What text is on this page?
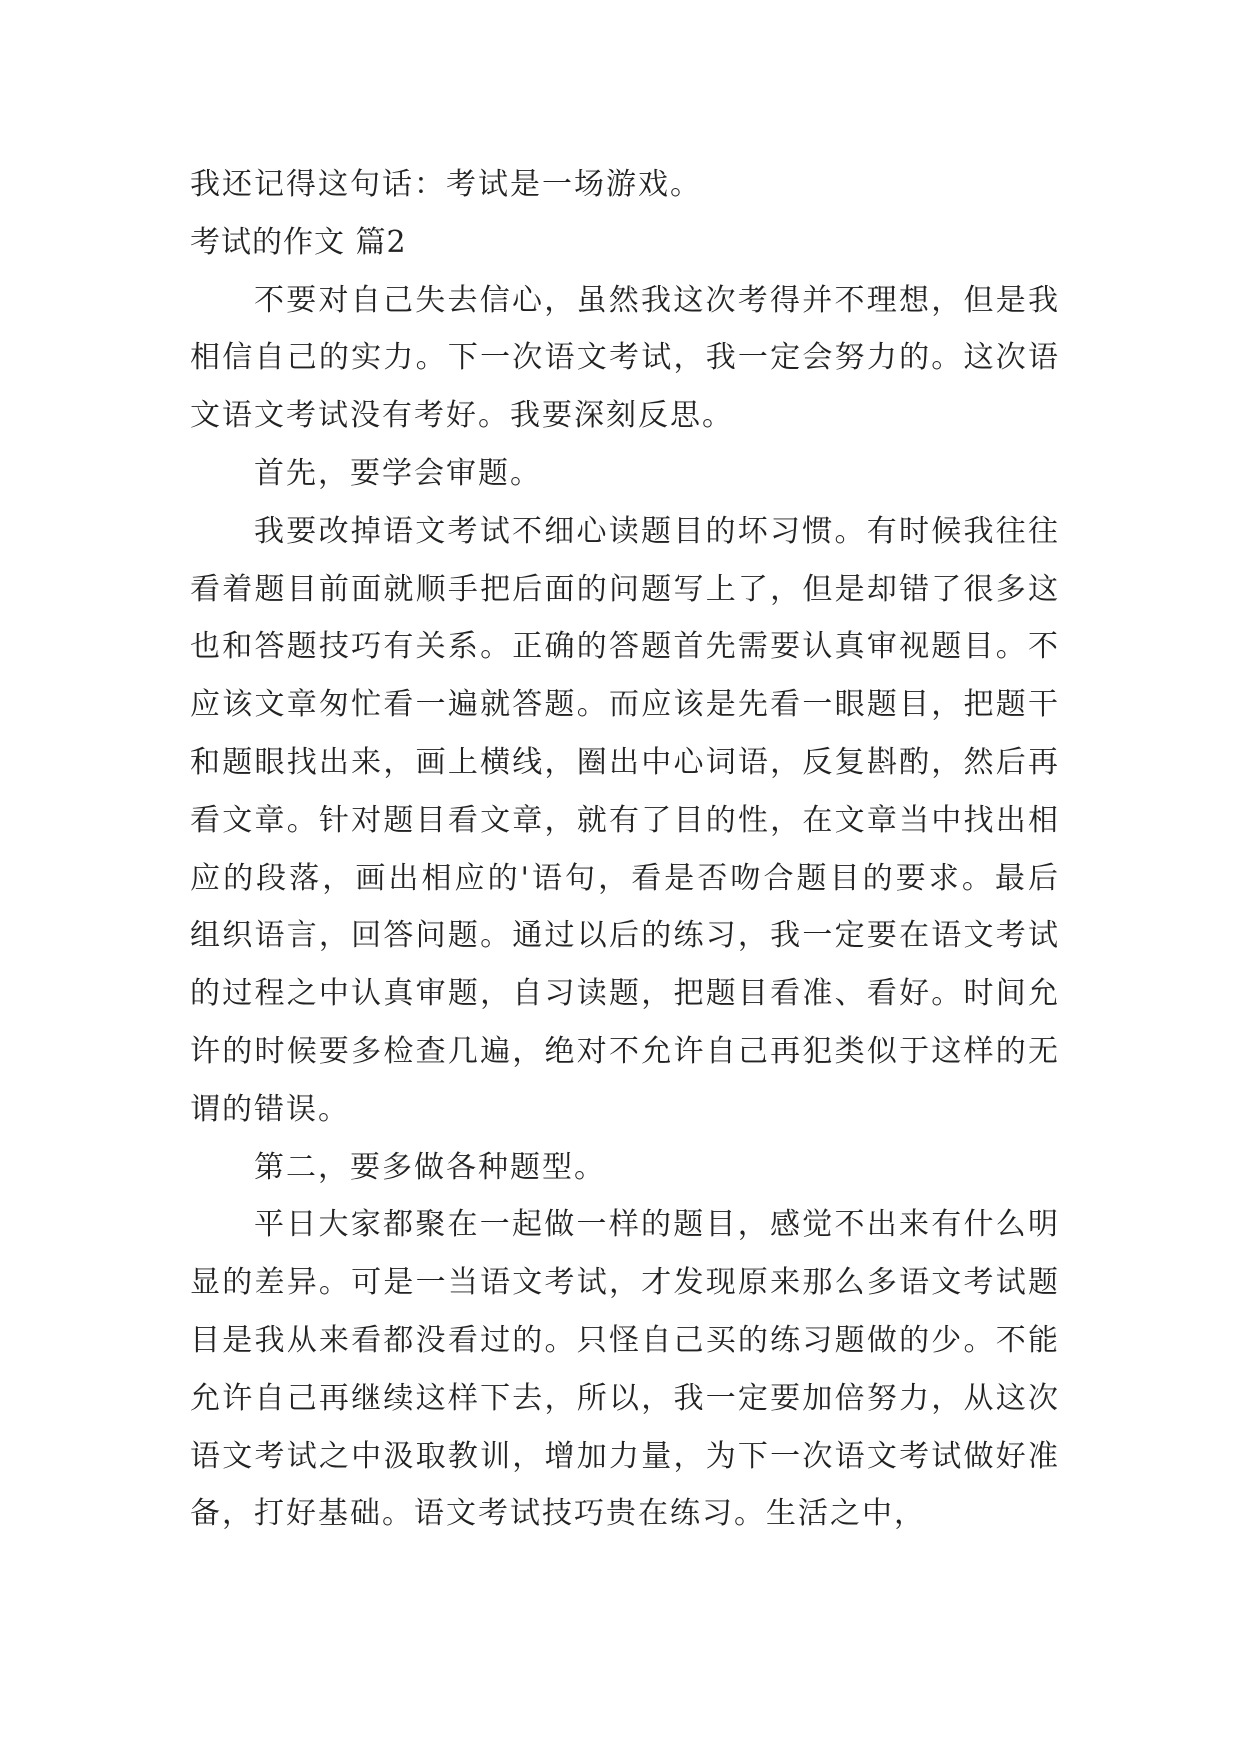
我还记得这句话：考试是一场游戏。

考试的作文 篇2

不要对自己失去信心，虽然我这次考得并不理想，但是我相信自己的实力。下一次语文考试，我一定会努力的。这次语文语文考试没有考好。我要深刻反思。

首先，要学会审题。

我要改掉语文考试不细心读题目的坏习惯。有时候我往往看着题目前面就顺手把后面的问题写上了，但是却错了很多这也和答题技巧有关系。正确的答题首先需要认真审视题目。不应该文章匆忙看一遍就答题。而应该是先看一眼题目，把题干和题眼找出来，画上横线，圈出中心词语，反复斟酌，然后再看文章。针对题目看文章，就有了目的性，在文章当中找出相应的段落，画出相应的'语句，看是否吻合题目的要求。最后组织语言，回答问题。通过以后的练习，我一定要在语文考试的过程之中认真审题，自习读题，把题目看准、看好。时间允许的时候要多检查几遍，绝对不允许自己再犯类似于这样的无谓的错误。

第二，要多做各种题型。

平日大家都聚在一起做一样的题目，感觉不出来有什么明显的差异。可是一当语文考试，才发现原来那么多语文考试题目是我从来看都没看过的。只怪自己买的练习题做的少。不能允许自己再继续这样下去，所以，我一定要加倍努力，从这次语文考试之中汲取教训，增加力量，为下一次语文考试做好准备，打好基础。语文考试技巧贵在练习。生活之中，
